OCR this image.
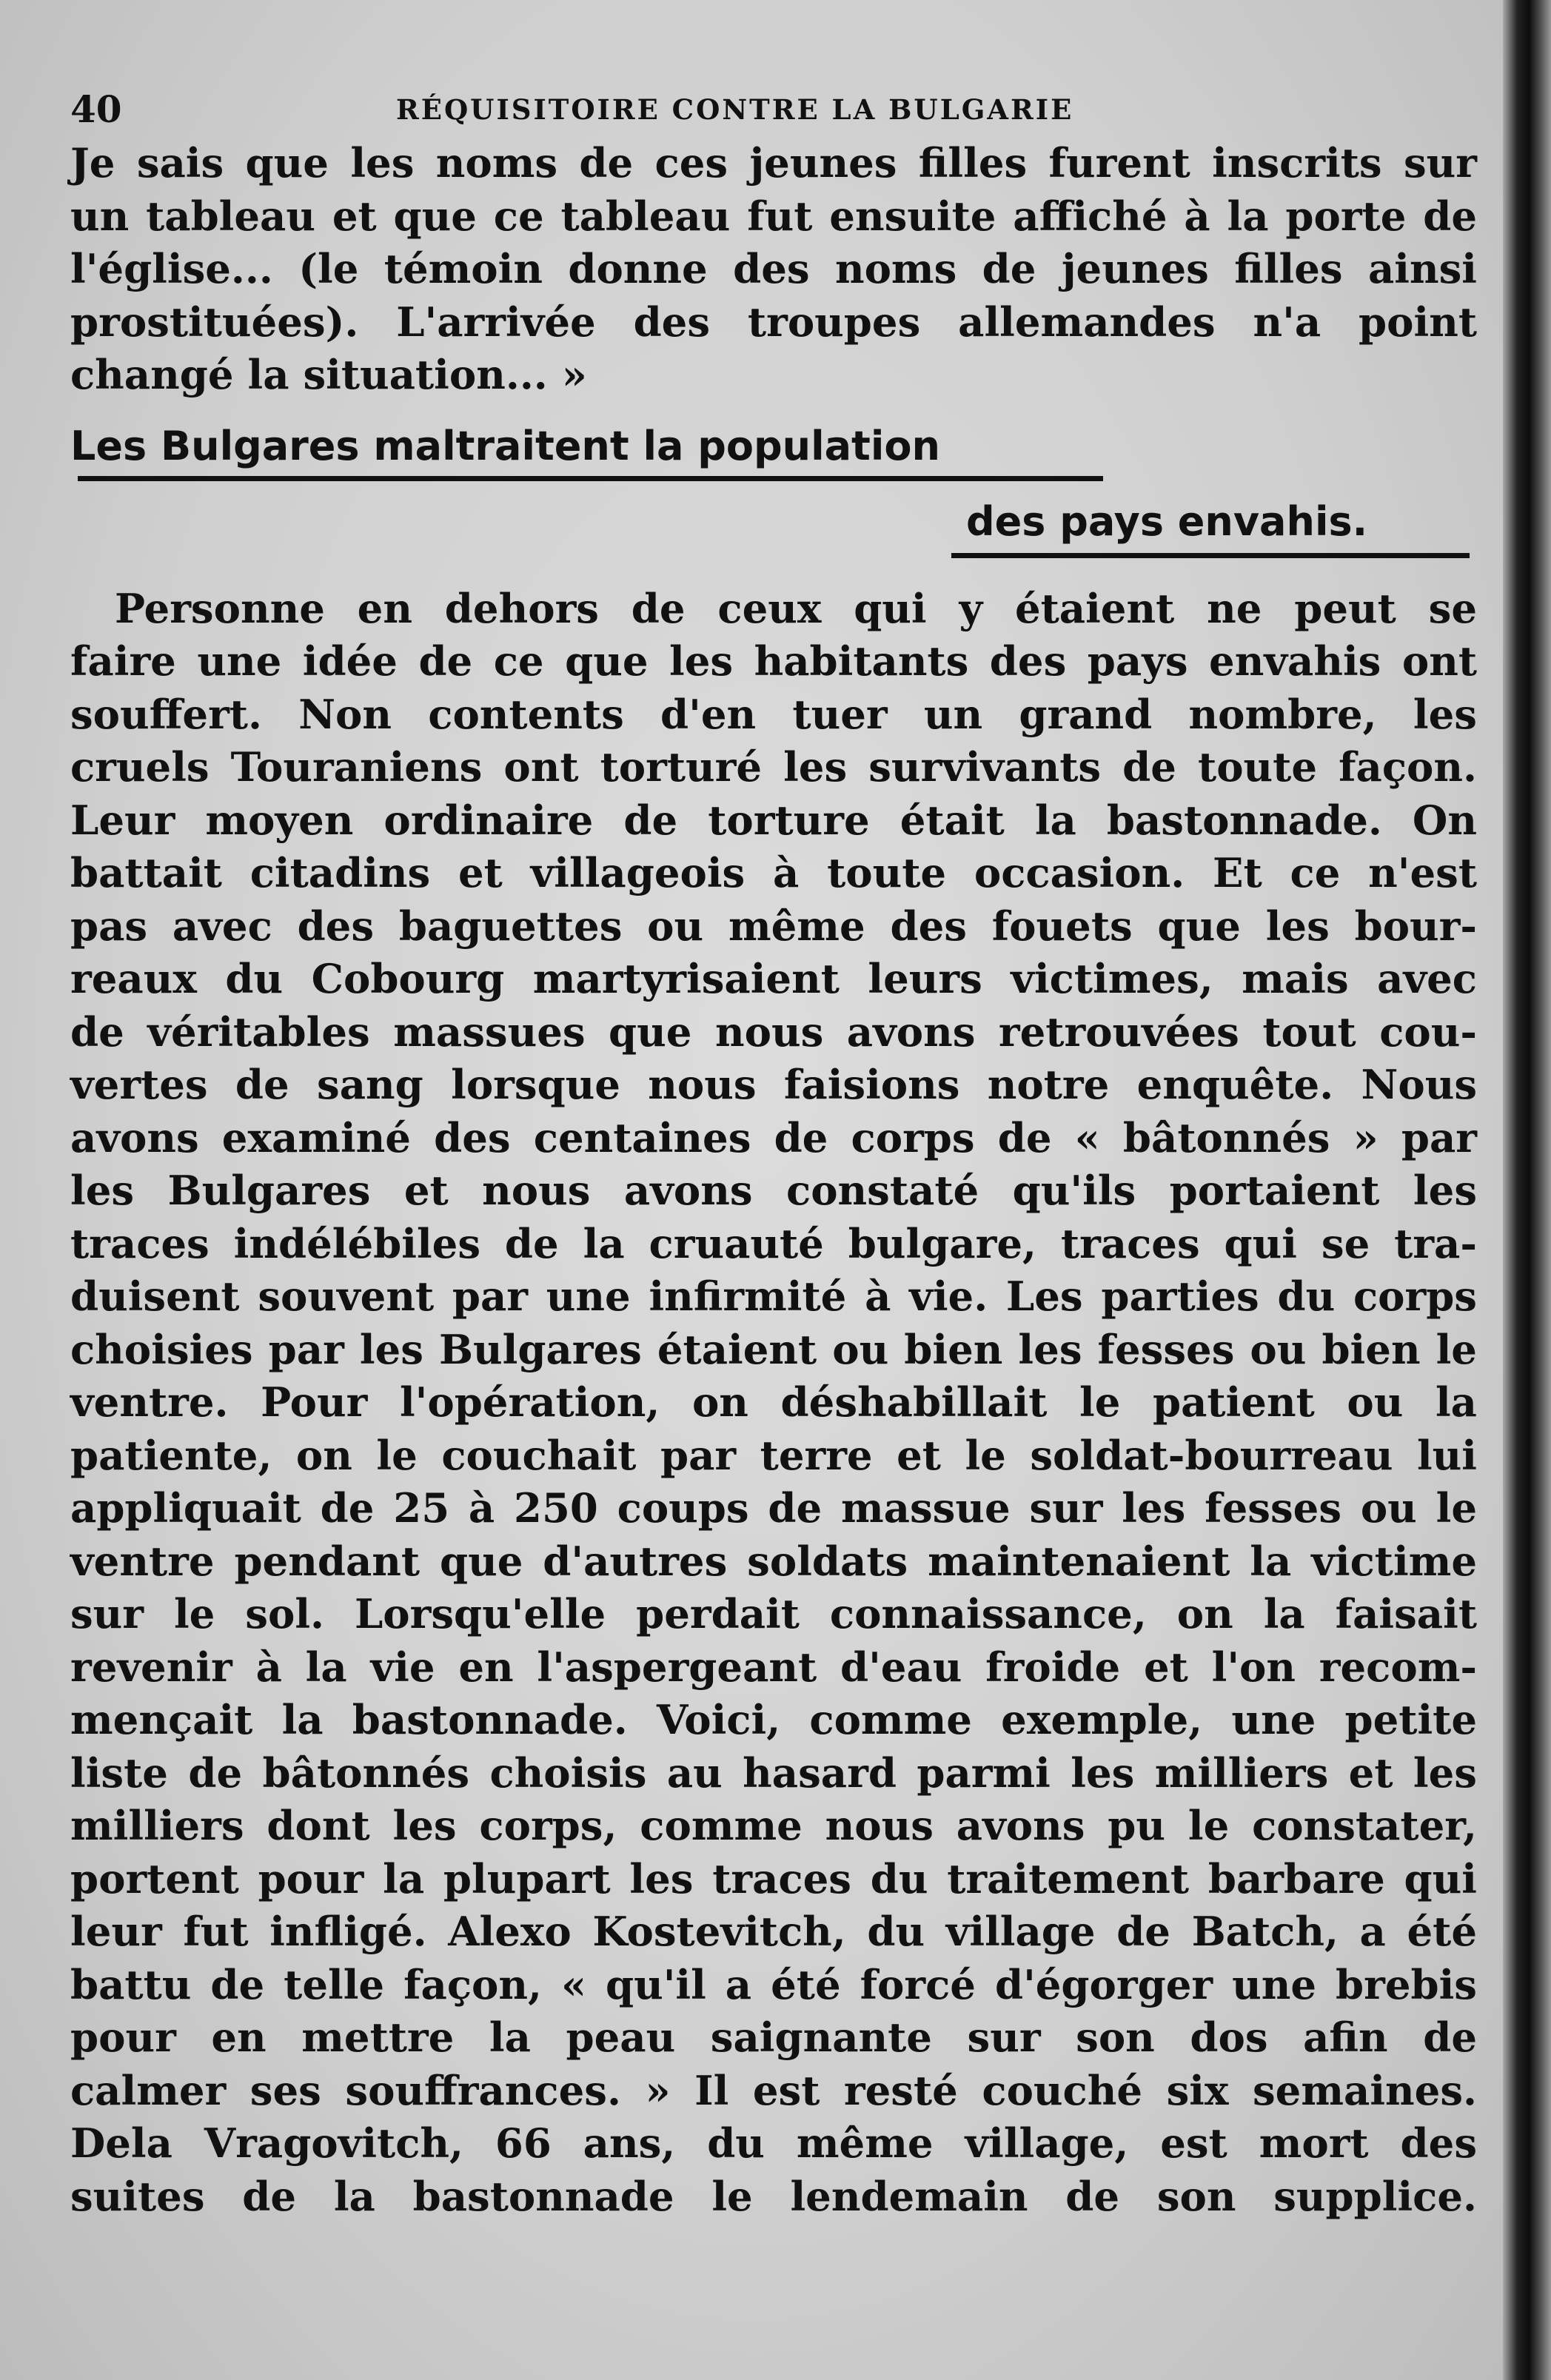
40	RÉQUISITOIRE CONTRE LA BULGARIE
Je sais que les noms de ces jeunes filles furent inscrits sur
un tableau et que ce tableau fut ensuite affiché à la porte de
l'église... (le témoin donne des noms de jeunes filles ainsi
prostituées). L'arrivée des troupes allemandes n'a point
changé la situation... »
Les Bulgares maltraitent la population
des pays envahis.
Personne en dehors de ceux qui y étaient ne peut se
faire une idée de ce que les habitants des pays envahis ont
souffert. Non contents d'en tuer un grand nombre, les
cruels Touraniens ont torturé les survivants de toute façon.
Leur moyen ordinaire de torture était la bastonnade. On
battait citadins et villageois à toute occasion. Et ce n'est
pas avec des baguettes ou même des fouets que les bour-
reaux du Cobourg martyrisaient leurs victimes, mais avec
de véritables massues que nous avons retrouvées tout cou-
vertes de sang lorsque nous faisions notre enquête. Nous
avons examiné des centaines de corps de « bâtonnés » par
les Bulgares et nous avons constaté qu'ils portaient les
traces indélébiles de la cruauté bulgare, traces qui se tra-
duisent souvent par une infirmité à vie. Les parties du corps
choisies par les Bulgares étaient ou bien les fesses ou bien le
ventre. Pour l'opération, on déshabillait le patient ou la
patiente, on le couchait par terre et le soldat-bourreau lui
appliquait de 25 à 250 coups de massue sur les fesses ou le
ventre pendant que d'autres soldats maintenaient la victime
sur le sol. Lorsqu'elle perdait connaissance, on la faisait
revenir à la vie en l'aspergeant d'eau froide et l'on recom-
mençait la bastonnade. Voici, comme exemple, une petite
liste de bâtonnés choisis au hasard parmi les milliers et les
milliers dont les corps, comme nous avons pu le constater,
portent pour la plupart les traces du traitement barbare qui
leur fut infligé. Alexo Kostevitch, du village de Batch, a été
battu de telle façon, « qu'il a été forcé d'égorger une brebis
pour en mettre la peau saignante sur son dos afin de
calmer ses souffrances. » Il est resté couché six semaines.
Dela Vragovitch, 66 ans, du même village, est mort des
suites de la bastonnade le lendemain de son supplice.
